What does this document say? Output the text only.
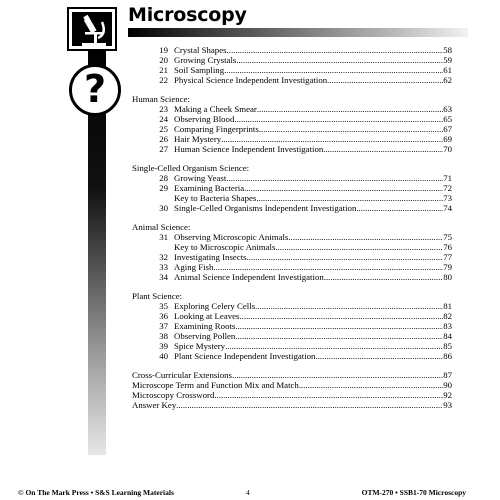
?
Microscopy
19 Crystal Shapes .....	58
20 Growing Crystals .....	59
21 Soil Sampling .....	61
22 Physical Science Independent Investigation .....	62
Human Science:
23 Making a Cheek Smear .....	63
24 Observing Blood .....	65
25 Comparing Fingerprints .....	67
26 Hair Mystery .....	69
27 Human Science Independent Investigation .....	70
Single-Celled Organism Science:
28 Growing Yeast .....	71
29 Examining Bacteria .....	72
Key to Bacteria Shapes .....	73
30 Single-Celled Organisms Independent Investigation .....	74
Animal Science:
31 Observing Microscopic Animals .....	75
Key to Microscopic Animals .....	76
32 Investigating Insects .....	77
33 Aging Fish .....	79
34 Animal Science Independent Investigation .....	80
Plant Science:
35 Exploring Celery Cells .....	81
36 Looking at Leaves .....	82
37 Examining Roots .....	83
38 Observing Pollen .....	84
39 Spice Mystery .....	85
40 Plant Science Independent Investigation .....	86
Cross-Curricular Extensions .....	87
Microscope Term and Function Mix and Match .....	90
Microscopy Crossword .....	92
Answer Key .....	93
© On The Mark Press • S&S Learning Materials	4	OTM-270 • SSB1-70 Microscopy
